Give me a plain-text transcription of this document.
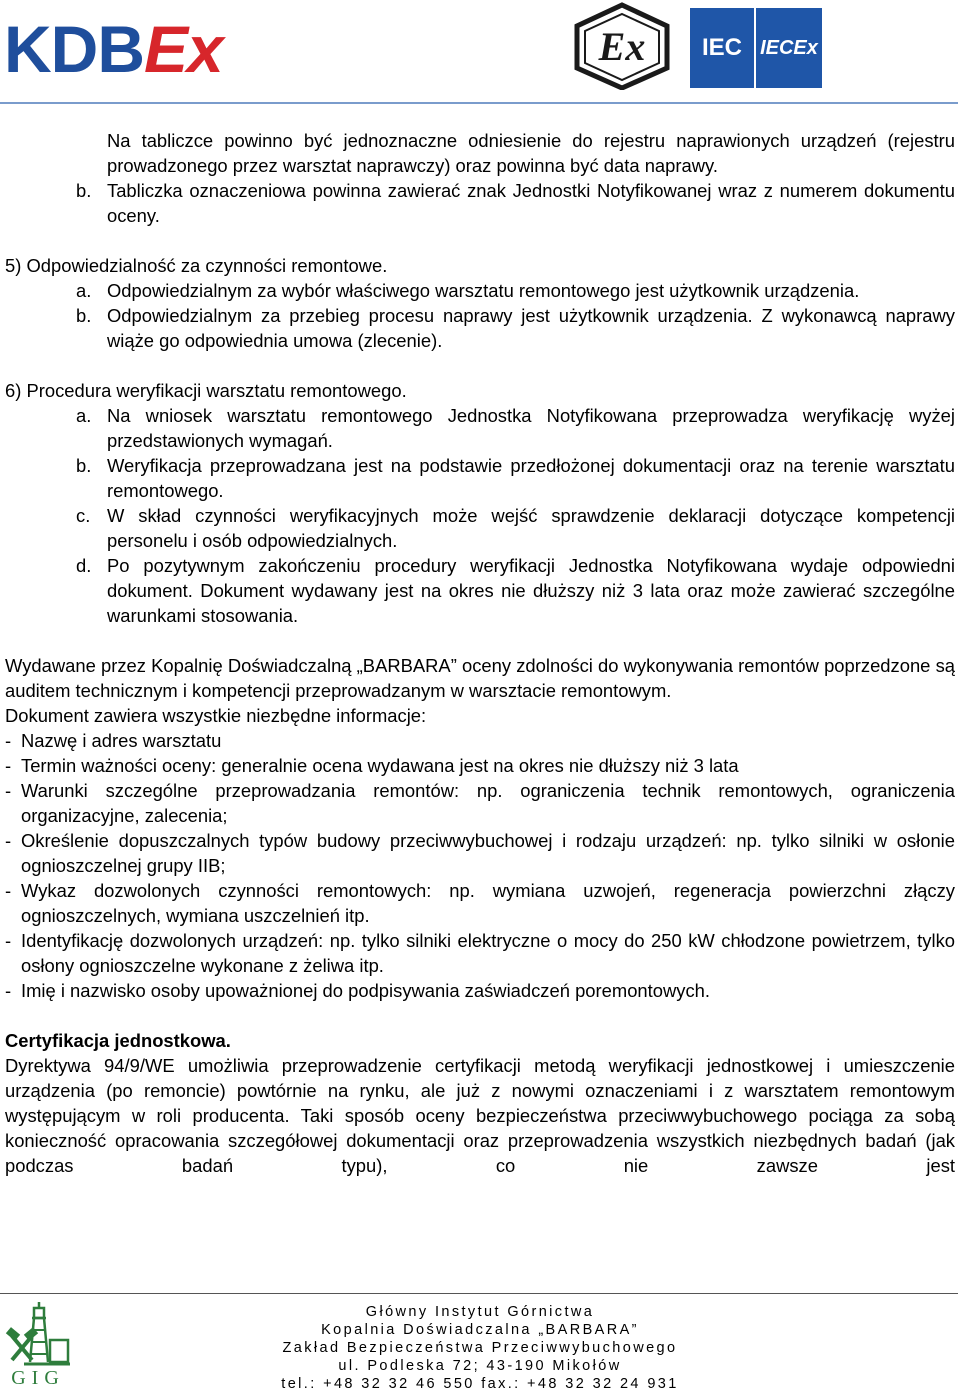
KDBEx	Ex	IEC IECEx

Na tabliczce powinno być jednoznaczne odniesienie do rejestru naprawionych urządzeń (rejestru prowadzonego przez warsztat naprawczy) oraz powinna być data naprawy.

b. Tabliczka oznaczeniowa powinna zawierać znak Jednostki Notyfikowanej wraz z numerem dokumentu oceny.

5) Odpowiedzialność za czynności remontowe.

a. Odpowiedzialnym za wybór właściwego warsztatu remontowego jest użytkownik urządzenia.
b. Odpowiedzialnym za przebieg procesu naprawy jest użytkownik urządzenia. Z wykonawcą naprawy wiąże go odpowiednia umowa (zlecenie).

6) Procedura weryfikacji warsztatu remontowego.

a. Na wniosek warsztatu remontowego Jednostka Notyfikowana przeprowadza weryfikację wyżej przedstawionych wymagań.
b. Weryfikacja przeprowadzana jest na podstawie przedłożonej dokumentacji oraz na terenie warsztatu remontowego.
c. W skład czynności weryfikacyjnych może wejść sprawdzenie deklaracji dotyczące kompetencji personelu i osób odpowiedzialnych.
d. Po pozytywnym zakończeniu procedury weryfikacji Jednostka Notyfikowana wydaje odpowiedni dokument. Dokument wydawany jest na okres nie dłuższy niż 3 lata oraz może zawierać szczególne warunkami stosowania.

Wydawane przez Kopalnię Doświadczalną „BARBARA” oceny zdolności do wykonywania remontów poprzedzone są auditem technicznym i kompetencji przeprowadzanym w warsztacie remontowym.

Dokument zawiera wszystkie niezbędne informacje:

- Nazwę i adres warsztatu
- Termin ważności oceny: generalnie ocena wydawana jest na okres nie dłuższy niż 3 lata
- Warunki szczególne przeprowadzania remontów: np. ograniczenia technik remontowych, ograniczenia organizacyjne, zalecenia;
- Określenie dopuszczalnych typów budowy przeciwwybuchowej i rodzaju urządzeń: np. tylko silniki w osłonie ognioszczelnej grupy IIB;
- Wykaz dozwolonych czynności remontowych: np. wymiana uzwojeń, regeneracja powierzchni złączy ognioszczelnych, wymiana uszczelnień itp.
- Identyfikację dozwolonych urządzeń: np. tylko silniki elektryczne o mocy do 250 kW chłodzone powietrzem, tylko osłony ognioszczelne wykonane z żeliwa itp.
- Imię i nazwisko osoby upoważnionej do podpisywania zaświadczeń poremontowych.

Certyfikacja jednostkowa.

Dyrektywa 94/9/WE umożliwia przeprowadzenie certyfikacji metodą weryfikacji jednostkowej i umieszczenie urządzenia (po remoncie) powtórnie na rynku, ale już z nowymi oznaczeniami i z warsztatem remontowym występującym w roli producenta. Taki sposób oceny bezpieczeństwa przeciwwybuchowego pociąga za sobą konieczność opracowania szczegółowej dokumentacji oraz przeprowadzenia wszystkich niezbędnych badań (jak podczas badań typu), co nie zawsze jest

GIG
Główny Instytut Górnictwa
Kopalnia Doświadczalna „BARBARA”
Zakład Bezpieczeństwa Przeciwwybuchowego
ul. Podleska 72; 43-190 Mikołów
tel.: +48 32 32 46 550 fax.: +48 32 32 24 931
